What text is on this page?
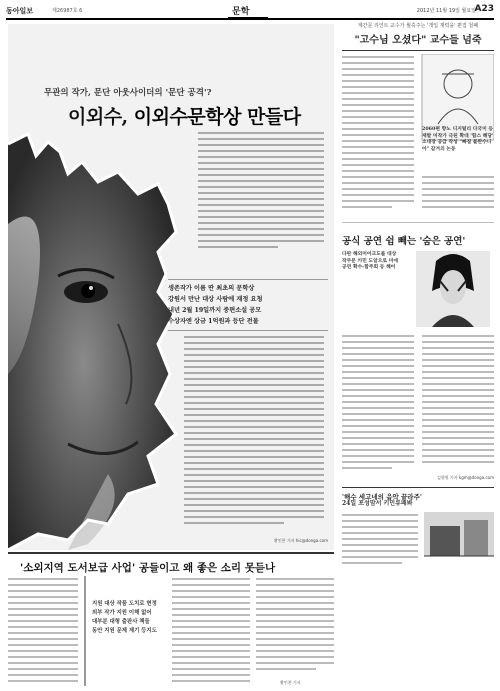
동아일보	제26987호 6	문학	2012년 11월 19일 월요일
A23
무관의 작가, 문단 아웃사이더의 '문단 공격'?
이외수, 이외수문학상 만들다
생존작가 이름 딴 최초의 문학상
강원서 만난 대상 사람에 재정 요청
내년 2월 19일까지 중편소설 공모
수상자엔 상금 1억원과 등단 전물
황인찬 기자 hic@donga.com
계간문 리인트 교수가 월혹주는 '개입 재력을' 편집 철폐
"고수님 오셨다" 교수들 넘죽
2060편 향노 디지털리 다국미 등재발 미작가 극된 확대 '함스 해당' 소대장 공급 작성 "빠질 불완수니아" 갈겨의 논동
공식 공연 쉼 빼는 '숨은 공연'
다판 해외머어크도를 대상
작무문 카민 도알으로 미에
공연 확수-합주회 등 해어
김향원 기자 kgm@donga.com
'해수 세고네의 음악 끝라주'
24일 포성맘서 키민류패봐
'소외지역 도서보급 사업' 공들이고 왜 좋은 소리 못듣나
지원 대상 작품 도치로 현정
외부 작가 지원 이해 없어
대부분 대형 출판사 책들
동안 지원 문제 제기 등지도
황인찬 기자
